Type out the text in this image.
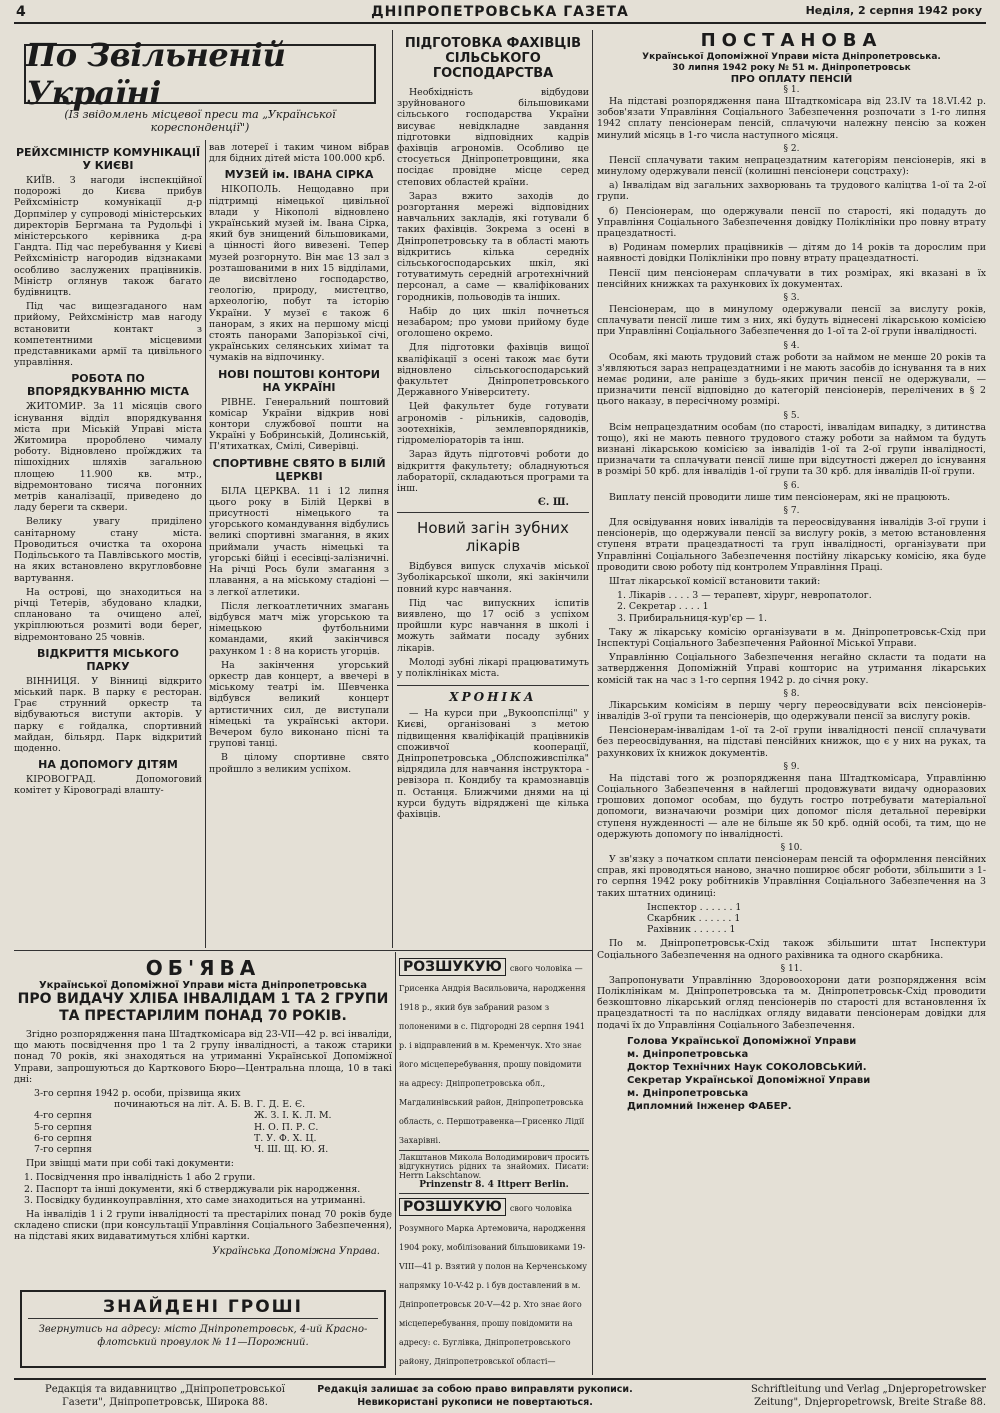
4	ДНІПРОПЕТРОВСЬКА ГАЗЕТА	Неділя, 2 серпня 1942 року
По Звільненій Україні
(Із звідомлень місцевої преси та „Української кореспонденції")
РЕЙХСМІНІСТР КОМУНІКАЦІЇ У КИЄВІ

КИЇВ. З нагоди інспекційної подорожі до Києва прибув Рейхсміністр комунікації д-р Дорпмілер у супроводі міністерських директорів Бергмана та Рудольфі і міністерського керівника д-ра Гандта. Під час перебування у Києві Рейхсміністр нагородив відзнаками особливо заслужених працівників. Міністр оглянув також багато будівництв.

Під час вищезгаданого нам прийому, Рейхсміністр мав нагоду встановити контакт з компетентними місцевими представниками армії та цивільного управління.

РОБОТА ПО ВПОРЯДКУВАННЮ МІСТА

ЖИТОМИР. За 11 місяців свого існування відділ впорядкування міста при Міській Управі міста Житомира пророблено чималу роботу. Відновлено проїжджих та пішохідних шляхів загальною площею 11.900 кв. мтр., відремонтовано тисяча погонних метрів каналізації, приведено до ладу береги та сквери.

Велику увагу приділено санітарному стану міста. Проводиться очистка та охорона Подільського та Павлівського мостів, на яких встановлено вкругловбовне вартування.

На острові, що знаходиться на річці Тетерів, збудовано кладки, сплановано та очищено алеї, укріплюються розмиті води берег, відремонтовано 25 човнів.

ВІДКРИТТЯ МІСЬКОГО ПАРКУ

ВІННИЦЯ. У Вінниці відкрито міський парк. В парку є ресторан. Грає струнний оркестр та відбуваються виступи акторів. У парку є гойдалка, спортивний майдан, більярд. Парк відкритий щоденно.

НА ДОПОМОГУ ДІТЯМ

КІРОВОГРАД. Допомоговий комітет у Кіровограді влашту-

вав лотереї і таким чином вібрав для бідних дітей міста 100.000 крб.

МУЗЕЙ ім. ІВАНА СІРКА

НІКОПОЛЬ. Нещодавно при підтримці німецької цивільної влади у Нікополі відновлено український музей ім. Івана Сірка, який був знищений більшовиками, а цінності його вивезені. Тепер музей розгорнуто. Він має 13 зал з розташованими в них 15 відділами, де висвітлено господарство, геологію, природу, мистецтво, археологію, побут та історію України. У музеї є також 6 панорам, з яких на першому місці стоять панорами Запорізької січі, українських селянських хиімат та чумаків на відпочинку.

НОВІ ПОШТОВІ КОНТОРИ НА УКРАЇНІ

РІВНЕ. Генеральний поштовий комісар України відкрив нові контори службової пошти на Україні у Бобринській, Долинській, П'ятихатках, Смілі, Сиверівці.

СПОРТИВНЕ СВЯТО В БІЛІЙ ЦЕРКВІ

БІЛА ЦЕРКВА. 11 і 12 липня цього року в Білій Церкві в присутності німецького та угорського командування відбулись великі спортивні змагання, в яких приймали участь німецькі та угорські бійці і есесівці-залізничні. На річці Рось були змагання з плавання, а на міському стадіоні — з легкої атлетики.

Після легкоатлетичних змагань відбувся матч між угорською та німецькою футбольними командами, який закінчився рахунком 1 : 8 на користь угорців.

На закінчення угорський оркестр дав концерт, а ввечері в міському театрі ім. Шевченка відбувся великий концерт артистичних сил, де виступали німецькі та українські актори. Вечером було виконано пісні та групові танці.

В цілому спортивне свято пройшло з великим успіхом.

ПІДГОТОВКА ФАХІВЦІВ СІЛЬСЬКОГО ГОСПОДАРСТВА

Необхідність відбудови зруйнованого більшовиками сільського господарства України висуває невідкладне завдання підготовки відповідних кадрів фахівців агрономів. Особливо це стосується Дніпропетровщини, яка посідає провідне місце серед степових областей країни.

Зараз вжито заходів до розгортання мережі відповідних навчальних закладів, які готували б таких фахівців. Зокрема з осені в Дніпропетровську та в області мають відкритись кілька середніх сільськогосподарських шкіл, які готуватимуть середній агротехнічний персонал, а саме — кваліфікованих городників, польоводів та інших.

Набір до цих шкіл почнеться незабаром; про умови прийому буде оголошено окремо.

Для підготовки фахівців вищої кваліфікації з осені також має бути відновлено сільськогосподарський факультет Дніпропетровського Державного Університету.

Цей факультет буде готувати агрономів - рільників, садоводів, зоотехніків, землевпорядників, гідромеліораторів та інш.

Зараз йдуть підготовчі роботи до відкриття факультету; обладнуються лабораторії, складаються програми та інш.

Є. Ш.
Новий загін зубних лікарів

Відбувся випуск слухачів міської Зуболікарської школи, які закінчили повний курс навчання.

Під час випускних іспитів виявлено, що 17 осіб з успіхом пройшли курс навчання в школі і можуть займати посаду зубних лікарів.

Молоді зубні лікарі працюватимуть у поліклініках міста.

ХРОНІКА

— На курси при „Вукоопспілці" у Києві, організовані з метою підвищення кваліфікацій працівників споживчої кооперації, Дніпропетровська „Облспоживспілка" відрядила для навчання інструктора - ревізора п. Кондибу та крамознавців п. Останця. Ближчими днями на ці курси будуть відряджені ще кілька фахівців.

ПОСТАНОВА
Української Допоміжної Управи міста Дніпропетровська.
30 липня 1942 року № 51 м. Дніпропетровськ
ПРО ОПЛАТУ ПЕНСІЙ
§ 1.

На підставі розпорядження пана Штадткомісара від 23.IV та 18.VI.42 р. зобов'язати Управління Соціального Забезпечення розпочати з 1-го липня 1942 сплату пенсіонерам пенсій, сплачуючи належну пенсію за кожен минулий місяць в 1-го числа наступного місяця.

§ 2.

Пенсії сплачувати таким непрацездатним категоріям пенсіонерів, які в минулому одержували пенсії (колишні пенсіонери соцстраху):

а) Інвалідам від загальних захворювань та трудового каліцтва 1-ої та 2-ої групи.

б) Пенсіонерам, що одержували пенсії по старості, які подадуть до Управління Соціального Забезпечення довідку Поліклініки про повну втрату працездатності.

в) Родинам померлих працівників — дітям до 14 років та дорослим при наявності довідки Поліклініки про повну втрату працездатності.

Пенсії цим пенсіонерам сплачувати в тих розмірах, які вказані в їх пенсійних книжках та рахункових їх документах.

§ 3.

Пенсіонерам, що в минулому одержували пенсії за вислугу років, сплачувати пенсії лише тим з них, які будуть віднесені лікарською комісією при Управлінні Соціального Забезпечення до 1-ої та 2-ої групи інвалідності.

§ 4.

Особам, які мають трудовий стаж роботи за наймом не менше 20 років та з'являються зараз непрацездатними і не мають засобів до існування та в них немає родини, але раніше з будь-яких причин пенсії не одержували, — призначити пенсії відповідно до категорій пенсіонерів, перелічених в § 2 цього наказу, в пересічному розмірі.

§ 5.

Всім непрацездатним особам (по старості, інвалідам випадку, з дитинства тощо), які не мають певного трудового стажу роботи за наймом та будуть визнані лікарською комісією за інвалідів 1-ої та 2-ої групи інвалідності, призначати та сплачувати пенсії лише при відсутності джерел до існування в розмірі 50 крб. для інвалідів 1-ої групи та 30 крб. для інвалідів II-ої групи.

§ 6.

Виплату пенсій проводити лише тим пенсіонерам, які не працюють.

§ 7.

Для освідування нових інвалідів та переосвідування інвалідів 3-ої групи і пенсіонерів, що одержували пенсії за вислугу років, з метою встановлення ступеня втрати працездатності та груп інвалідності, організувати при Управлінні Соціального Забезпечення постійну лікарську комісію, яка буде проводити свою роботу під контролем Управління Праці.

Штат лікарської комісії встановити такий:

1. Лікарів . . . . 3 — терапевт, хірург, невропатолог.
2. Секретар . . . . 1
3. Прибиральниця-кур'єр — 1.

Таку ж лікарську комісію організувати в м. Дніпропетровськ-Схід при Інспектурі Соціального Забезпечення Районної Міської Управи.

Управлінню Соціального Забезпечення негайно скласти та подати на затвердження Допоміжній Управі кошторис на утримання лікарських комісій так на час з 1-го серпня 1942 р. до січня року.

§ 8.

Лікарським комісіям в першу чергу переосвідувати всіх пенсіонерів-інвалідів 3-ої групи та пенсіонерів, що одержували пенсії за вислугу років.

Пенсіонерам-інвалідам 1-ої та 2-ої групи інвалідності пенсії сплачувати без переосвідування, на підставі пенсійних книжок, що є у них на руках, та рахункових їх книжок документів.

§ 9.

На підставі того ж розпорядження пана Штадткомісара, Управлінню Соціального Забезпечення в найлегші продовжувати видачу одноразових грошових допомог особам, що будуть гостро потребувати матеріальної допомоги, визначаючи розміри цих допомог після детальної перевірки ступеня нужденності — але не більше як 50 крб. одній особі, та тим, що не одержують допомогу по інвалідності.

§ 10.

У зв'язку з початком сплати пенсіонерам пенсій та оформлення пенсійних справ, які проводяться наново, значно поширює обсяг роботи, збільшити з 1-го серпня 1942 року робітників Управління Соціального Забезпечення на 3 таких штатних одиниці:

Інспектор . . . . . . 1
Скарбник . . . . . . 1
Рахівник . . . . . . 1

По м. Дніпропетровськ-Схід також збільшити штат Інспектури Соціального Забезпечення на одного рахівника та одного скарбника.

§ 11.

Запропонувати Управлінню Здоровоохорони дати розпорядження всім Поліклінікам м. Дніпропетровська та м. Дніпропетровськ-Схід проводити безкоштовно лікарський огляд пенсіонерів по старості для встановлення їх працездатності та по наслідках огляду видавати пенсіонерам довідки для подачі їх до Управління Соціального Забезпечення.

Голова Української Допоміжної Управи
м. Дніпропетровська
Доктор Технічних Наук СОКОЛОВСЬКИЙ.
Секретар Української Допоміжної Управи
м. Дніпропетровська
Дипломний Інженер ФАБЕР.
ОБ'ЯВА
Української Допоміжної Управи міста Дніпропетровська
ПРО ВИДАЧУ ХЛІБА ІНВАЛІДАМ 1 ТА 2 ГРУПИ
ТА ПРЕСТАРІЛИМ ПОНАД 70 РОКІВ.

Згідно розпорядження пана Штадткомісара від 23-VII—42 р. всі інваліди, що мають посвідчення про 1 та 2 групу інвалідності, а також старики понад 70 років, які знаходяться на утриманні Української Допоміжної Управи, запрошуються до Карткового Бюро—Центральна площа, 10 в такі дні:

3-го серпня 1942 р. особи, прізвища яких
починаються на літ. А. Б. В. Г. Д. Е. Є.
4-го серпня	Ж. З. І. К. Л. М.
5-го серпня	Н. О. П. Р. С.
6-го серпня	Т. У. Ф. Х. Ц.
7-го серпня	Ч. Ш. Щ. Ю. Я.

При звіщці мати при собі такі документи:

1. Посвідчення про інвалідність 1 або 2 групи.
2. Паспорт та інші документи, які б стверджували рік народження.
3. Посвідку будинкоуправління, хто саме знаходиться на утриманні.

На інвалідів 1 і 2 групи інвалідності та престарілих понад 70 років буде складено списки (при консультації Управління Соціального Забезпечення), на підставі яких видаватимуться хлібні картки.

Українська Допоміжна Управа.
ЗНАЙДЕНІ ГРОШІ
Звернутись на адресу: місто Дніпропетровськ, 4-ий Красно-флотський провулок № 11—Порожний.
РОЗШУКУЮ свого чоловіка —Грисенка Андрія Васильовича, народження 1918 р., який був забраний разом з полоненими в с. Підгородні 28 серпня 1941 р. і відправлений в м. Кременчук. Хто знає його місцеперебування, прошу повідомити на адресу: Дніпропетровська обл., Магдалинівський район, Дніпропетровська область, с. Першотравенка—Грисенко Лідії Захарівні.
Лакштанов Микола Володимирович просить відгукнутись рідних та знайомих. Писати: Herrn Lakschtanow.
Prinzenstr 8. 4 Ittperr Berlin.
РОЗШУКУЮ свого чоловіка Розумного Марка Артемовича, народження 1904 року, мобілізований більшовиками 19-VIII—41 р. Взятий у полон на Керченському напрямку 10-V-42 р. і був доставлений в м. Дніпропетровськ 20-V—42 р. Хто знає його місцеперебування, прошу повідомити на адресу: с. Буглівка, Дніпропетровського району, Дніпропетровської області—
Редакція та видавництво „Дніпропетровської
Газети", Дніпропетровськ, Широка 88.
Редакція залишає за собою право виправляти рукописи.
Невикористані рукописи не повертаються.
Schriftleitung und Verlag „Dnjepropetrowsker
Zeitung", Dnjepropetrowsk, Breite Straße 88.
